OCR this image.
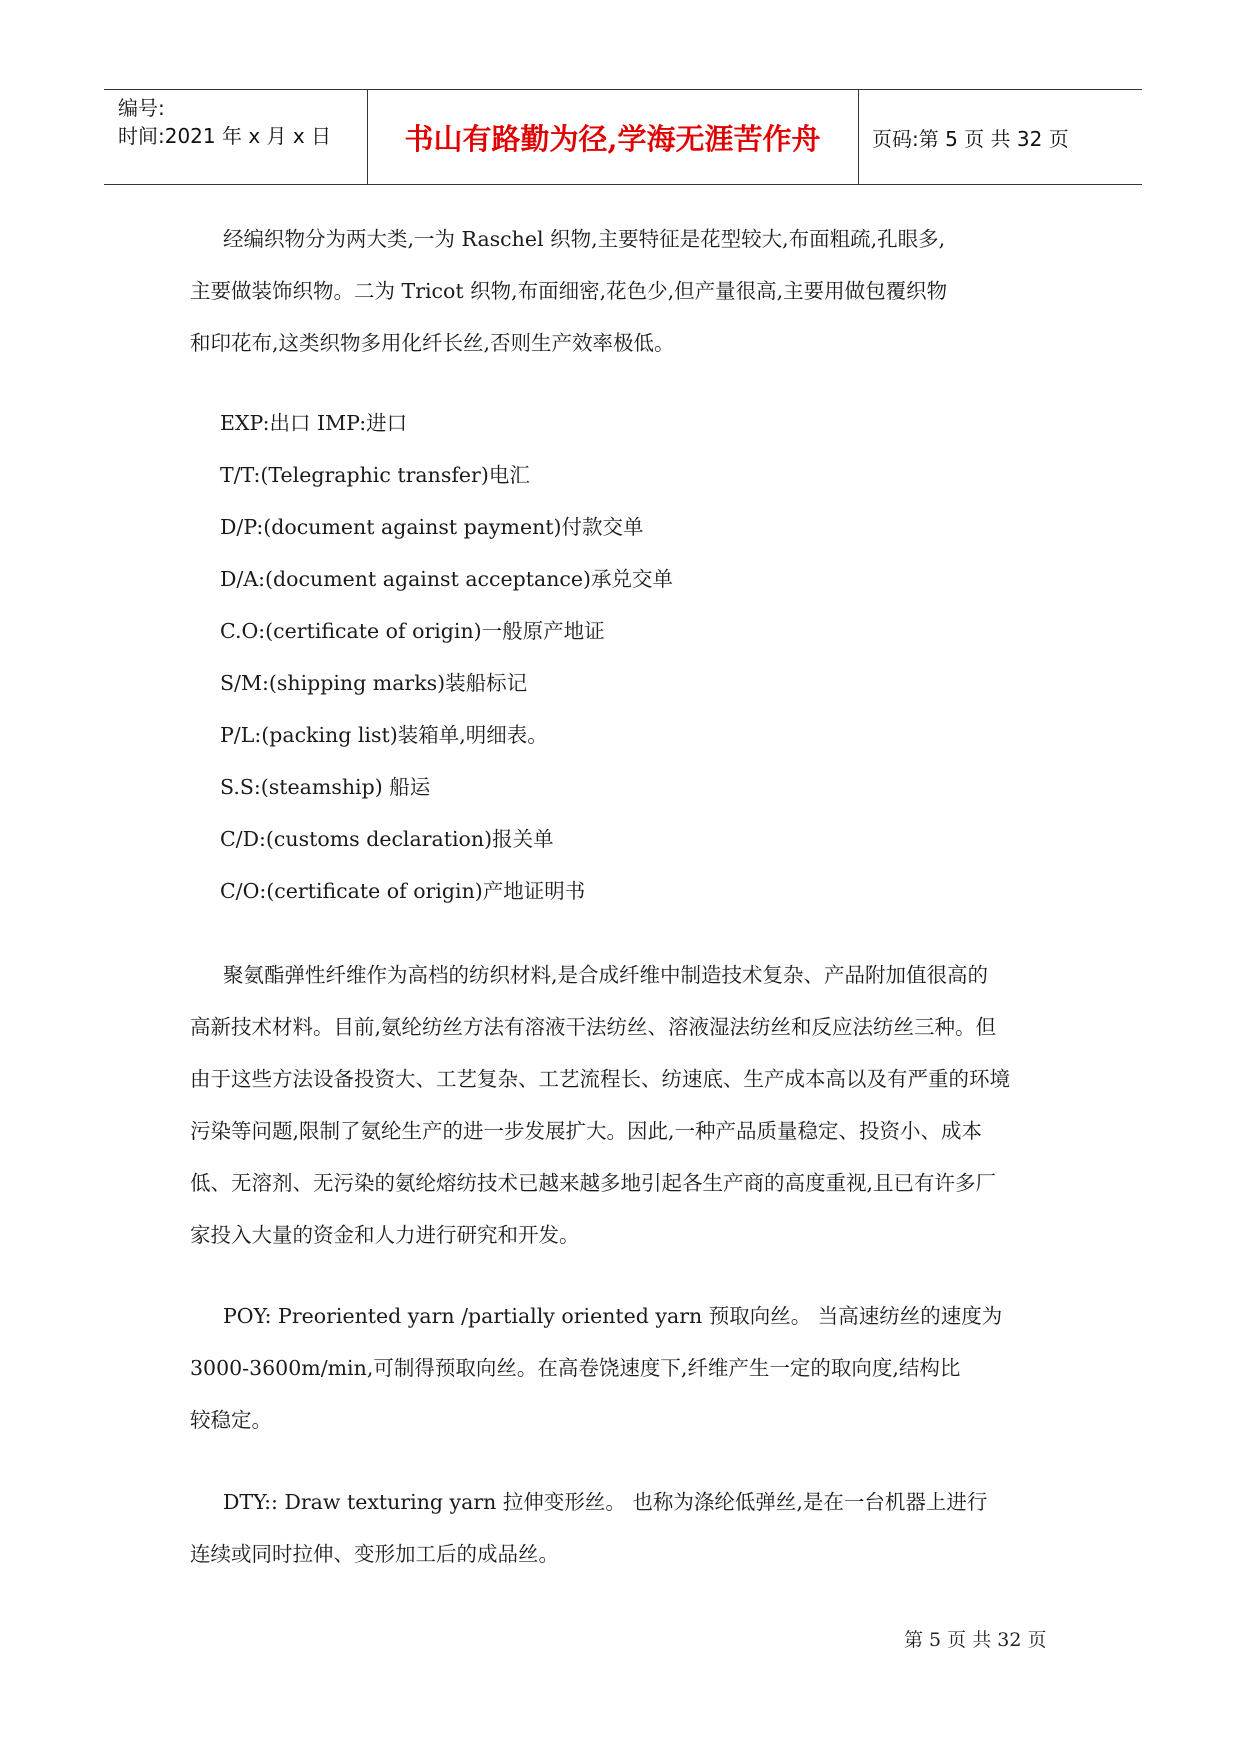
编号:
时间:2021 年 x 月 x 日	书山有路勤为径,学海无涯苦作舟	页码:第 5 页 共 32 页
经编织物分为两大类,一为 Raschel 织物,主要特征是花型较大,布面粗疏,孔眼多,
主要做装饰织物。二为 Tricot 织物,布面细密,花色少,但产量很高,主要用做包覆织物
和印花布,这类织物多用化纤长丝,否则生产效率极低。
EXP:出口 IMP:进口
T/T:(Telegraphic transfer)电汇
D/P:(document against payment)付款交单
D/A:(document against acceptance)承兑交单
C.O:(certificate of origin)一般原产地证
S/M:(shipping marks)装船标记
P/L:(packing list)装箱单,明细表。
S.S:(steamship) 船运
C/D:(customs declaration)报关单
C/O:(certificate of origin)产地证明书
聚氨酯弹性纤维作为高档的纺织材料,是合成纤维中制造技术复杂、产品附加值很高的
高新技术材料。目前,氨纶纺丝方法有溶液干法纺丝、溶液湿法纺丝和反应法纺丝三种。但
由于这些方法设备投资大、工艺复杂、工艺流程长、纺速底、生产成本高以及有严重的环境
污染等问题,限制了氨纶生产的进一步发展扩大。因此,一种产品质量稳定、投资小、成本
低、无溶剂、无污染的氨纶熔纺技术已越来越多地引起各生产商的高度重视,且已有许多厂
家投入大量的资金和人力进行研究和开发。
POY: Preoriented yarn /partially oriented yarn 预取向丝。 当高速纺丝的速度为
3000-3600m/min,可制得预取向丝。在高卷饶速度下,纤维产生一定的取向度,结构比
较稳定。
DTY:: Draw texturing yarn 拉伸变形丝。 也称为涤纶低弹丝,是在一台机器上进行
连续或同时拉伸、变形加工后的成品丝。
第 5 页 共 32 页
